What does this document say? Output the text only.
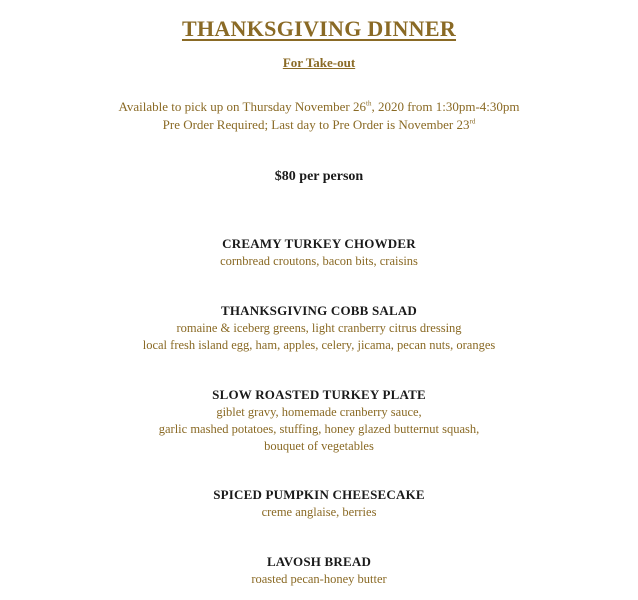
THANKSGIVING DINNER
For Take-out
Available to pick up on Thursday November 26th, 2020 from 1:30pm-4:30pm
Pre Order Required; Last day to Pre Order is November 23rd
$80 per person
CREAMY TURKEY CHOWDER
cornbread croutons, bacon bits, craisins
THANKSGIVING COBB SALAD
romaine & iceberg greens, light cranberry citrus dressing
local fresh island egg, ham, apples, celery, jicama, pecan nuts, oranges
SLOW ROASTED TURKEY PLATE
giblet gravy, homemade cranberry sauce,
garlic mashed potatoes, stuffing, honey glazed butternut squash,
bouquet of vegetables
SPICED PUMPKIN CHEESECAKE
creme anglaise, berries
LAVOSH BREAD
roasted pecan-honey butter
